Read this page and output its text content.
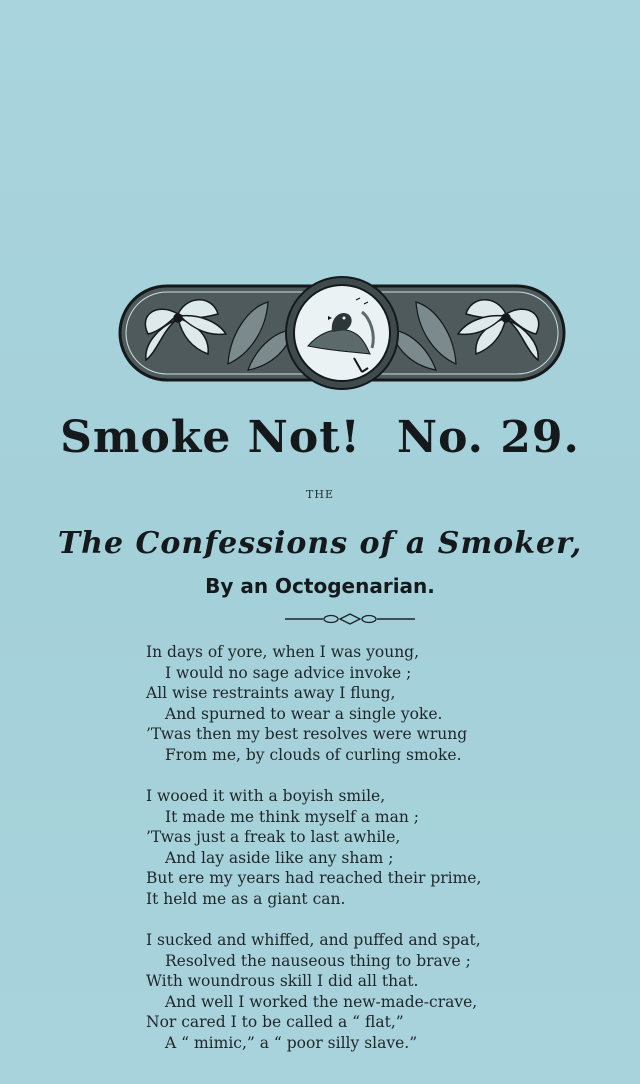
Smoke Not! No. 29.
THE
The Confessions of a Smoker,
By an Octogenarian.
In days of yore, when I was young,
I would no sage advice invoke ;
All wise restraints away I flung,
And spurned to wear a single yoke.
’Twas then my best resolves were wrung
From me, by clouds of curling smoke.
I wooed it with a boyish smile,
It made me think myself a man ;
’Twas just a freak to last awhile,
And lay aside like any sham ;
But ere my years had reached their prime,
It held me as a giant can.
I sucked and whiffed, and puffed and spat,
Resolved the nauseous thing to brave ;
With woundrous skill I did all that.
And well I worked the new-made-crave,
Nor cared I to be called a “ flat,”
A “ mimic,” a “ poor silly slave.”
